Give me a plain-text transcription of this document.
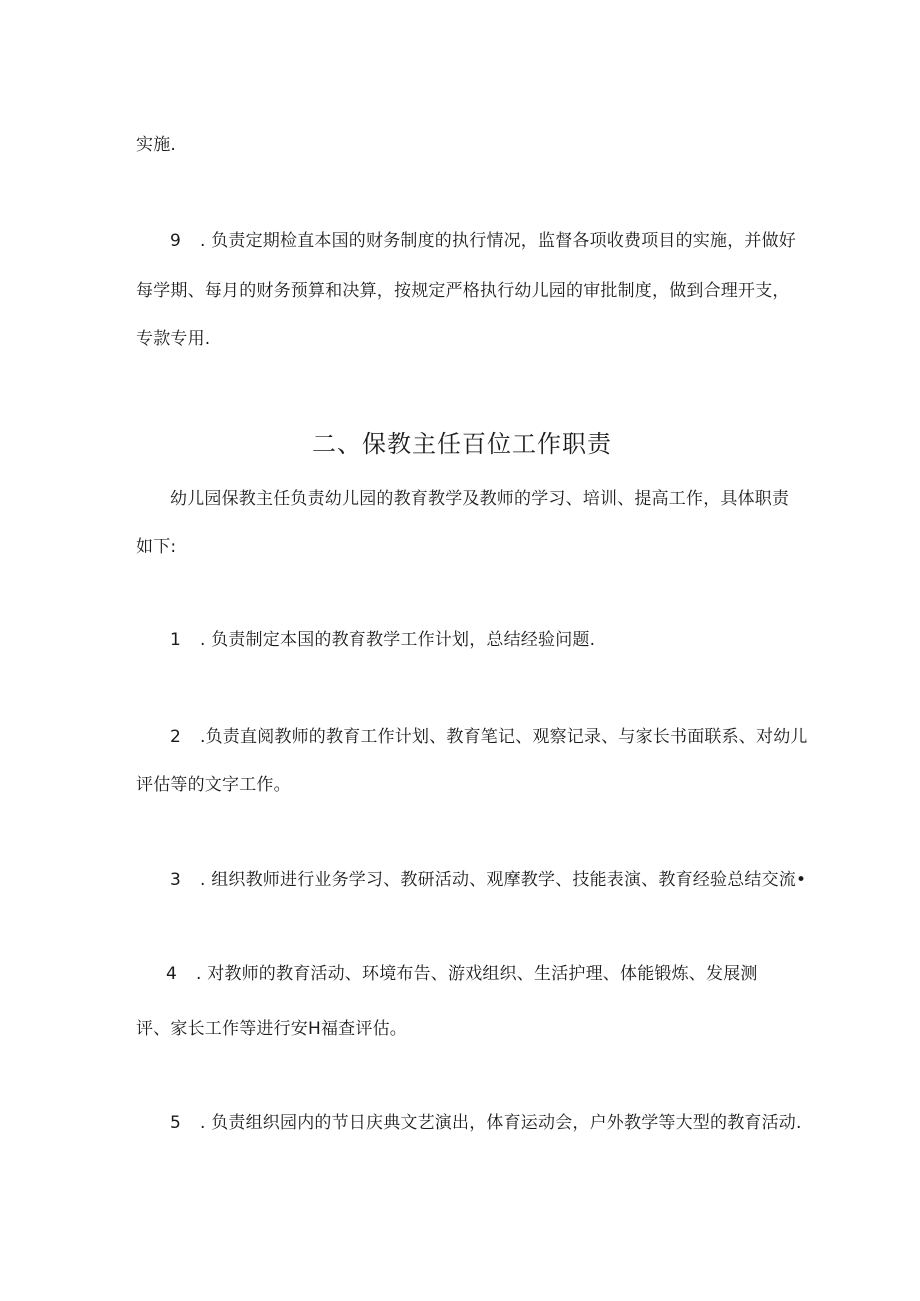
实施.

9 . 负责定期检直本国的财务制度的执行情况，监督各项收费项目的实施，并做好

每学期、每月的财务预算和决算，按规定严格执行幼儿园的审批制度，做到合理开支，

专款专用.

二、保教主任百位工作职责

幼儿园保教主任负责幼儿园的教育教学及教师的学习、培训、提高工作，具体职责

如下:

1 . 负责制定本国的教育教学工作计划，总结经验问题.

2 .负责直阅教师的教育工作计划、教育笔记、观察记录、与家长书面联系、对幼儿

评估等的文字工作。

3 . 组织教师进行业务学习、教研活动、观摩教学、技能表演、教育经验总结交流•

4 . 对教师的教育活动、环境布告、游戏组织、生活护理、体能锻炼、发展测

评、家长工作等进行安H福查评估。

5 . 负责组织园内的节日庆典文艺演出，体育运动会，户外教学等大型的教育活动.
